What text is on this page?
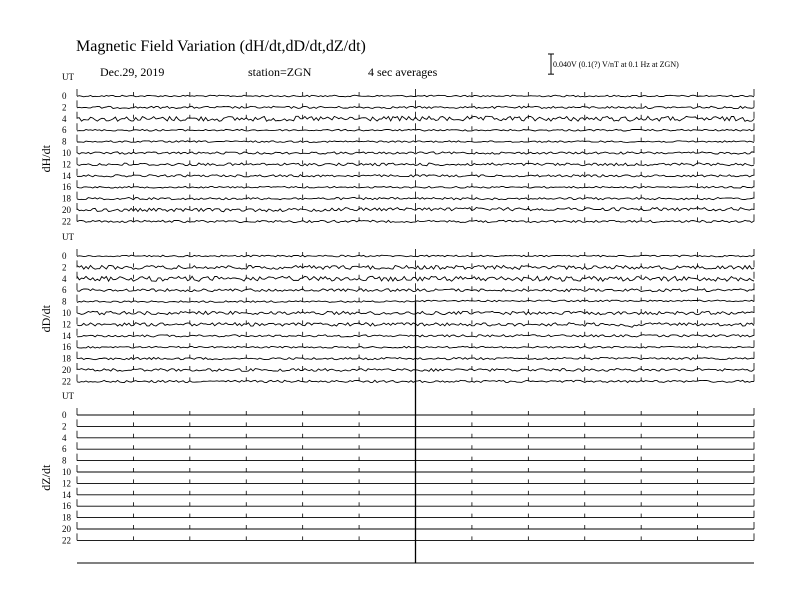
Magnetic Field Variation (dH/dt,dD/dt,dZ/dt)
Dec.29, 2019	station=ZGN	4 sec averages
0.040V (0.1(?) V/nT at 0.1 Hz at ZGN)
UT
dH/dt
0
2
4
6
8
10
12
14
16
18
20
22
UT
dD/dt
0
2
4
6
8
10
12
14
16
18
20
22
UT
dZ/dt
0
2
4
6
8
10
12
14
16
18
20
22
